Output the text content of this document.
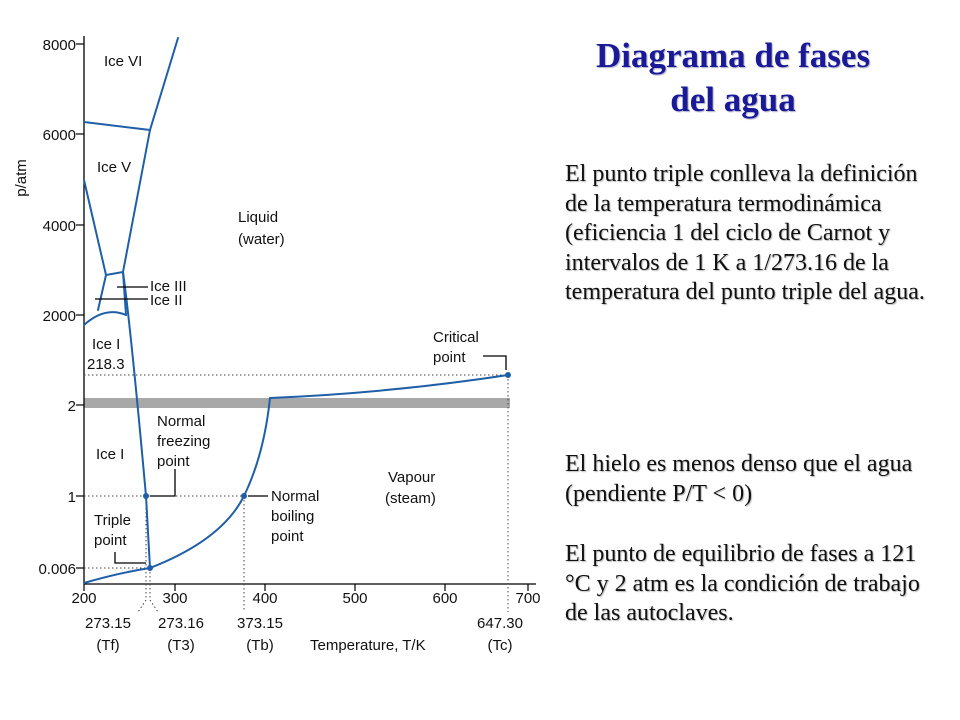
p/atm
Temperature, T/K
8000
6000
4000
2000
218.3
2
1
0.006
200	300	400	500	600	700
273.15
(Tf)
273.16
(T3)
373.15
(Tb)
647.30
(Tc)
Ice VI
Ice V
Liquid
(water)
Ice III
Ice II
Ice I
Ice I
Vapour
(steam)
Critical
point
Normal
freezing
point
Normal
boiling
point
Triple
point
Diagrama de fases
del agua

El punto triple conlleva la definición de la temperatura termodinámica (eficiencia 1 del ciclo de Carnot y intervalos de 1 K a 1/273.16 de la temperatura del punto triple del agua.

El hielo es menos denso que el agua (pendiente P/T < 0)

El punto de equilibrio de fases a 121 °C y 2 atm es la condición de trabajo de las autoclaves.
